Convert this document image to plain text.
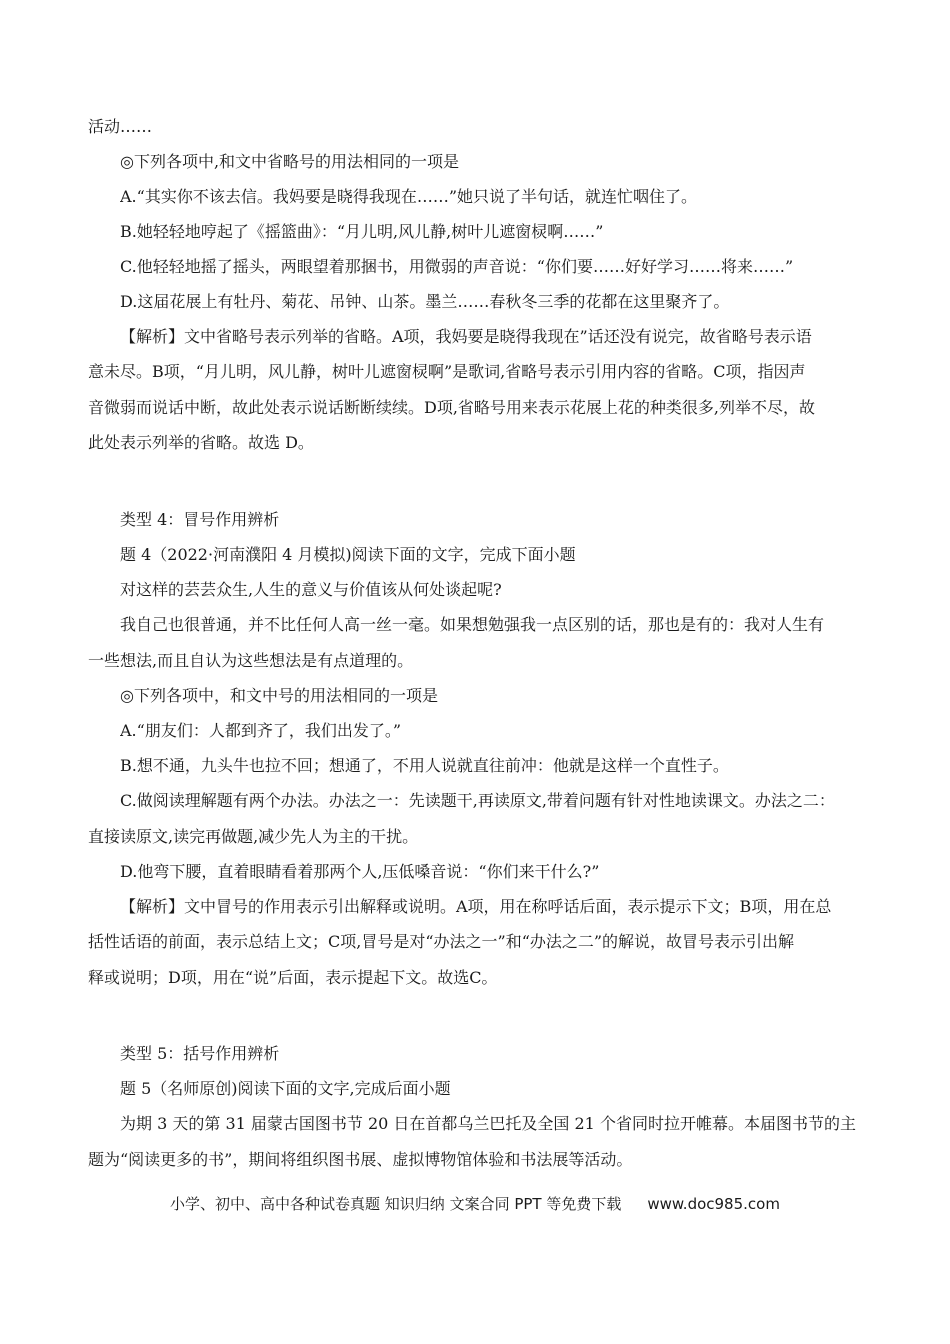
活动……
◎下列各项中,和文中省略号的用法相同的一项是
A.“其实你不该去信。我妈要是晓得我现在……”她只说了半句话，就连忙咽住了。
B.她轻轻地哼起了《摇篮曲》：“月儿明,风儿静,树叶儿遮窗棂啊……”
C.他轻轻地摇了摇头，两眼望着那捆书，用微弱的声音说：“你们要……好好学习……将来……”
D.这届花展上有牡丹、菊花、吊钟、山茶。墨兰……春秋冬三季的花都在这里聚齐了。
【解析】文中省略号表示列举的省略。A项，我妈要是晓得我现在”话还没有说完，故省略号表示语
意未尽。B项，“月儿明，风儿静，树叶儿遮窗棂啊”是歌词,省略号表示引用内容的省略。C项，指因声
音微弱而说话中断，故此处表示说话断断续续。D项,省略号用来表示花展上花的种类很多,列举不尽，故
此处表示列举的省略。故选 D。
类型 4：冒号作用辨析
题 4（2022·河南濮阳 4 月模拟)阅读下面的文字，完成下面小题
对这样的芸芸众生,人生的意义与价值该从何处谈起呢?
我自己也很普通，并不比任何人高一丝一毫。如果想勉强我一点区别的话，那也是有的：我对人生有
一些想法,而且自认为这些想法是有点道理的。
◎下列各项中，和文中号的用法相同的一项是
A.“朋友们：人都到齐了，我们出发了。”
B.想不通，九头牛也拉不回；想通了，不用人说就直往前冲：他就是这样一个直性子。
C.做阅读理解题有两个办法。办法之一：先读题干,再读原文,带着问题有针对性地读课文。办法之二：
直接读原文,读完再做题,减少先人为主的干扰。
D.他弯下腰，直着眼睛看着那两个人,压低嗓音说：“你们来干什么?”
【解析】文中冒号的作用表示引出解释或说明。A项，用在称呼话后面，表示提示下文；B项，用在总
括性话语的前面，表示总结上文；C项,冒号是对“办法之一”和“办法之二”的解说，故冒号表示引出解
释或说明；D项，用在“说”后面，表示提起下文。故选C。
类型 5：括号作用辨析
题 5（名师原创)阅读下面的文字,完成后面小题
为期 3 天的第 31 届蒙古国图书节 20 日在首都乌兰巴托及全国 21 个省同时拉开帷幕。本届图书节的主
题为“阅读更多的书”，期间将组织图书展、虚拟博物馆体验和书法展等活动。
小学、初中、高中各种试卷真题 知识归纳 文案合同 PPT 等免费下载 www.doc985.com
